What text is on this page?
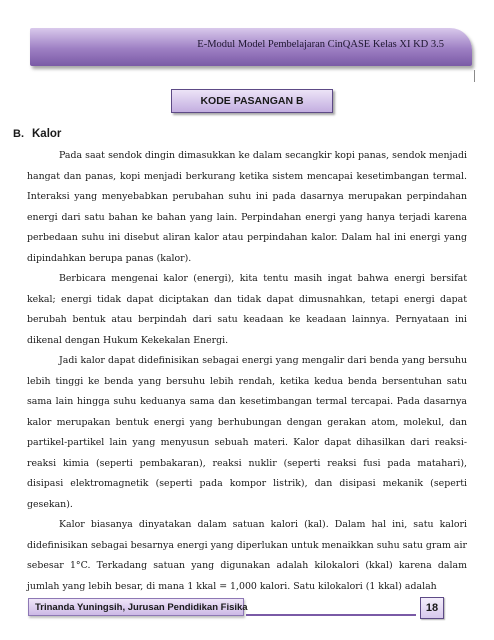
E-Modul Model Pembelajaran CinQASE Kelas XI KD 3.5
KODE PASANGAN B
B. Kalor

Pada saat sendok dingin dimasukkan ke dalam secangkir kopi panas, sendok menjadi hangat dan panas, kopi menjadi berkurang ketika sistem mencapai kesetimbangan termal. Interaksi yang menyebabkan perubahan suhu ini pada dasarnya merupakan perpindahan energi dari satu bahan ke bahan yang lain. Perpindahan energi yang hanya terjadi karena perbedaan suhu ini disebut aliran kalor atau perpindahan kalor. Dalam hal ini energi yang dipindahkan berupa panas (kalor).

Berbicara mengenai kalor (energi), kita tentu masih ingat bahwa energi bersifat kekal; energi tidak dapat diciptakan dan tidak dapat dimusnahkan, tetapi energi dapat berubah bentuk atau berpindah dari satu keadaan ke keadaan lainnya. Pernyataan ini dikenal dengan Hukum Kekekalan Energi.

Jadi kalor dapat didefinisikan sebagai energi yang mengalir dari benda yang bersuhu lebih tinggi ke benda yang bersuhu lebih rendah, ketika kedua benda bersentuhan satu sama lain hingga suhu keduanya sama dan kesetimbangan termal tercapai. Pada dasarnya kalor merupakan bentuk energi yang berhubungan dengan gerakan atom, molekul, dan partikel-partikel lain yang menyusun sebuah materi. Kalor dapat dihasilkan dari reaksi-reaksi kimia (seperti pembakaran), reaksi nuklir (seperti reaksi fusi pada matahari), disipasi elektromagnetik (seperti pada kompor listrik), dan disipasi mekanik (seperti gesekan).

Kalor biasanya dinyatakan dalam satuan kalori (kal). Dalam hal ini, satu kalori didefinisikan sebagai besarnya energi yang diperlukan untuk menaikkan suhu satu gram air sebesar 1°C. Terkadang satuan yang digunakan adalah kilokalori (kkal) karena dalam jumlah yang lebih besar, di mana 1 kkal = 1,000 kalori. Satu kilokalori (1 kkal) adalah

Trinanda Yuningsih, Jurusan Pendidikan Fisika	18
